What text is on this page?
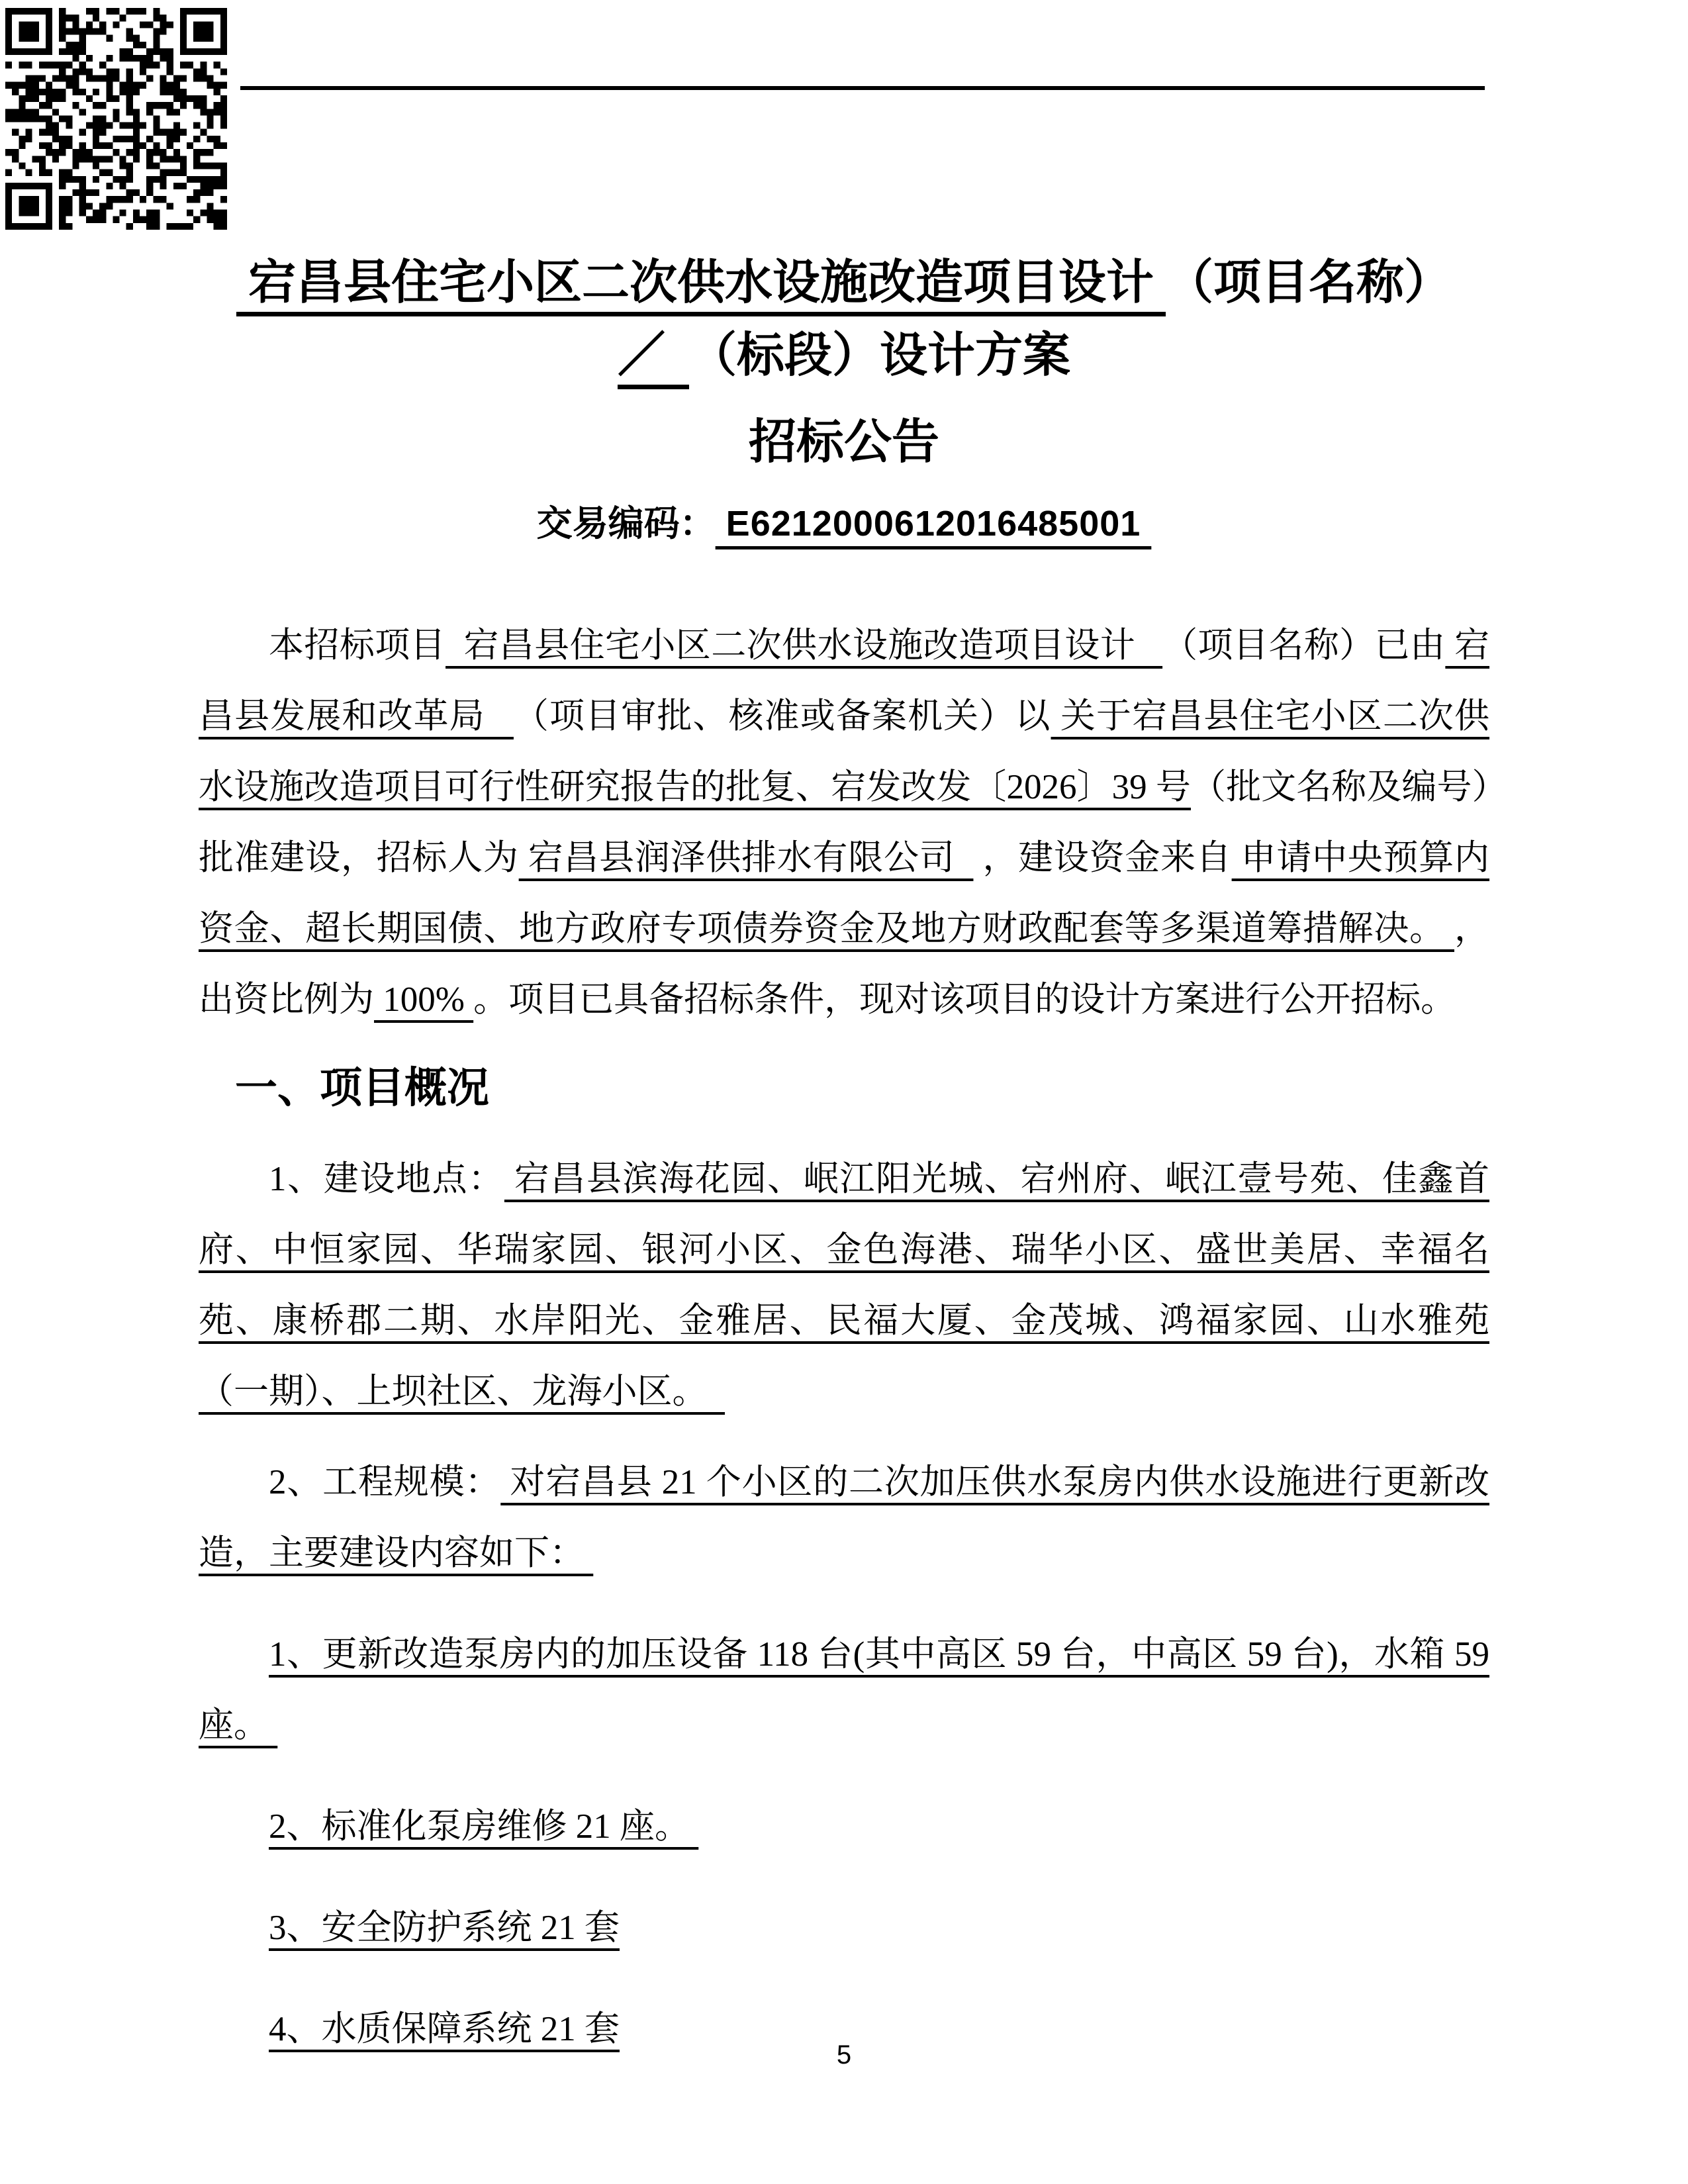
宕昌县住宅小区二次供水设施改造项目设计 （项目名称）
／  （标段）设计方案
招标公告
交易编码： E6212000612016485001

本招标项目  宕昌县住宅小区二次供水设施改造项目设计   （项目名称）已由 宕昌县发展和改革局   （项目审批、核准或备案机关）以 关于宕昌县住宅小区二次供水设施改造项目可行性研究报告的批复、宕发改发〔2026〕39 号（批文名称及编号）批准建设，招标人为 宕昌县润泽供排水有限公司   ，建设资金来自 申请中央预算内资金、超长期国债、地方政府专项债券资金及地方财政配套等多渠道筹措解决。 ，出资比例为 100% 。项目已具备招标条件，现对该项目的设计方案进行公开招标。

一、项目概况

1、建设地点： 宕昌县滨海花园、岷江阳光城、宕州府、岷江壹号苑、佳鑫首府、中恒家园、华瑞家园、银河小区、金色海港、瑞华小区、盛世美居、幸福名苑、康桥郡二期、水岸阳光、金雅居、民福大厦、金茂城、鸿福家园、山水雅苑（一期）、上坝社区、龙海小区。

2、工程规模： 对宕昌县 21 个小区的二次加压供水泵房内供水设施进行更新改造，主要建设内容如下：

1、更新改造泵房内的加压设备 118 台(其中高区 59 台，中高区 59 台)，水箱 59 座。

2、标准化泵房维修 21 座。

3、安全防护系统 21 套

4、水质保障系统 21 套

5
